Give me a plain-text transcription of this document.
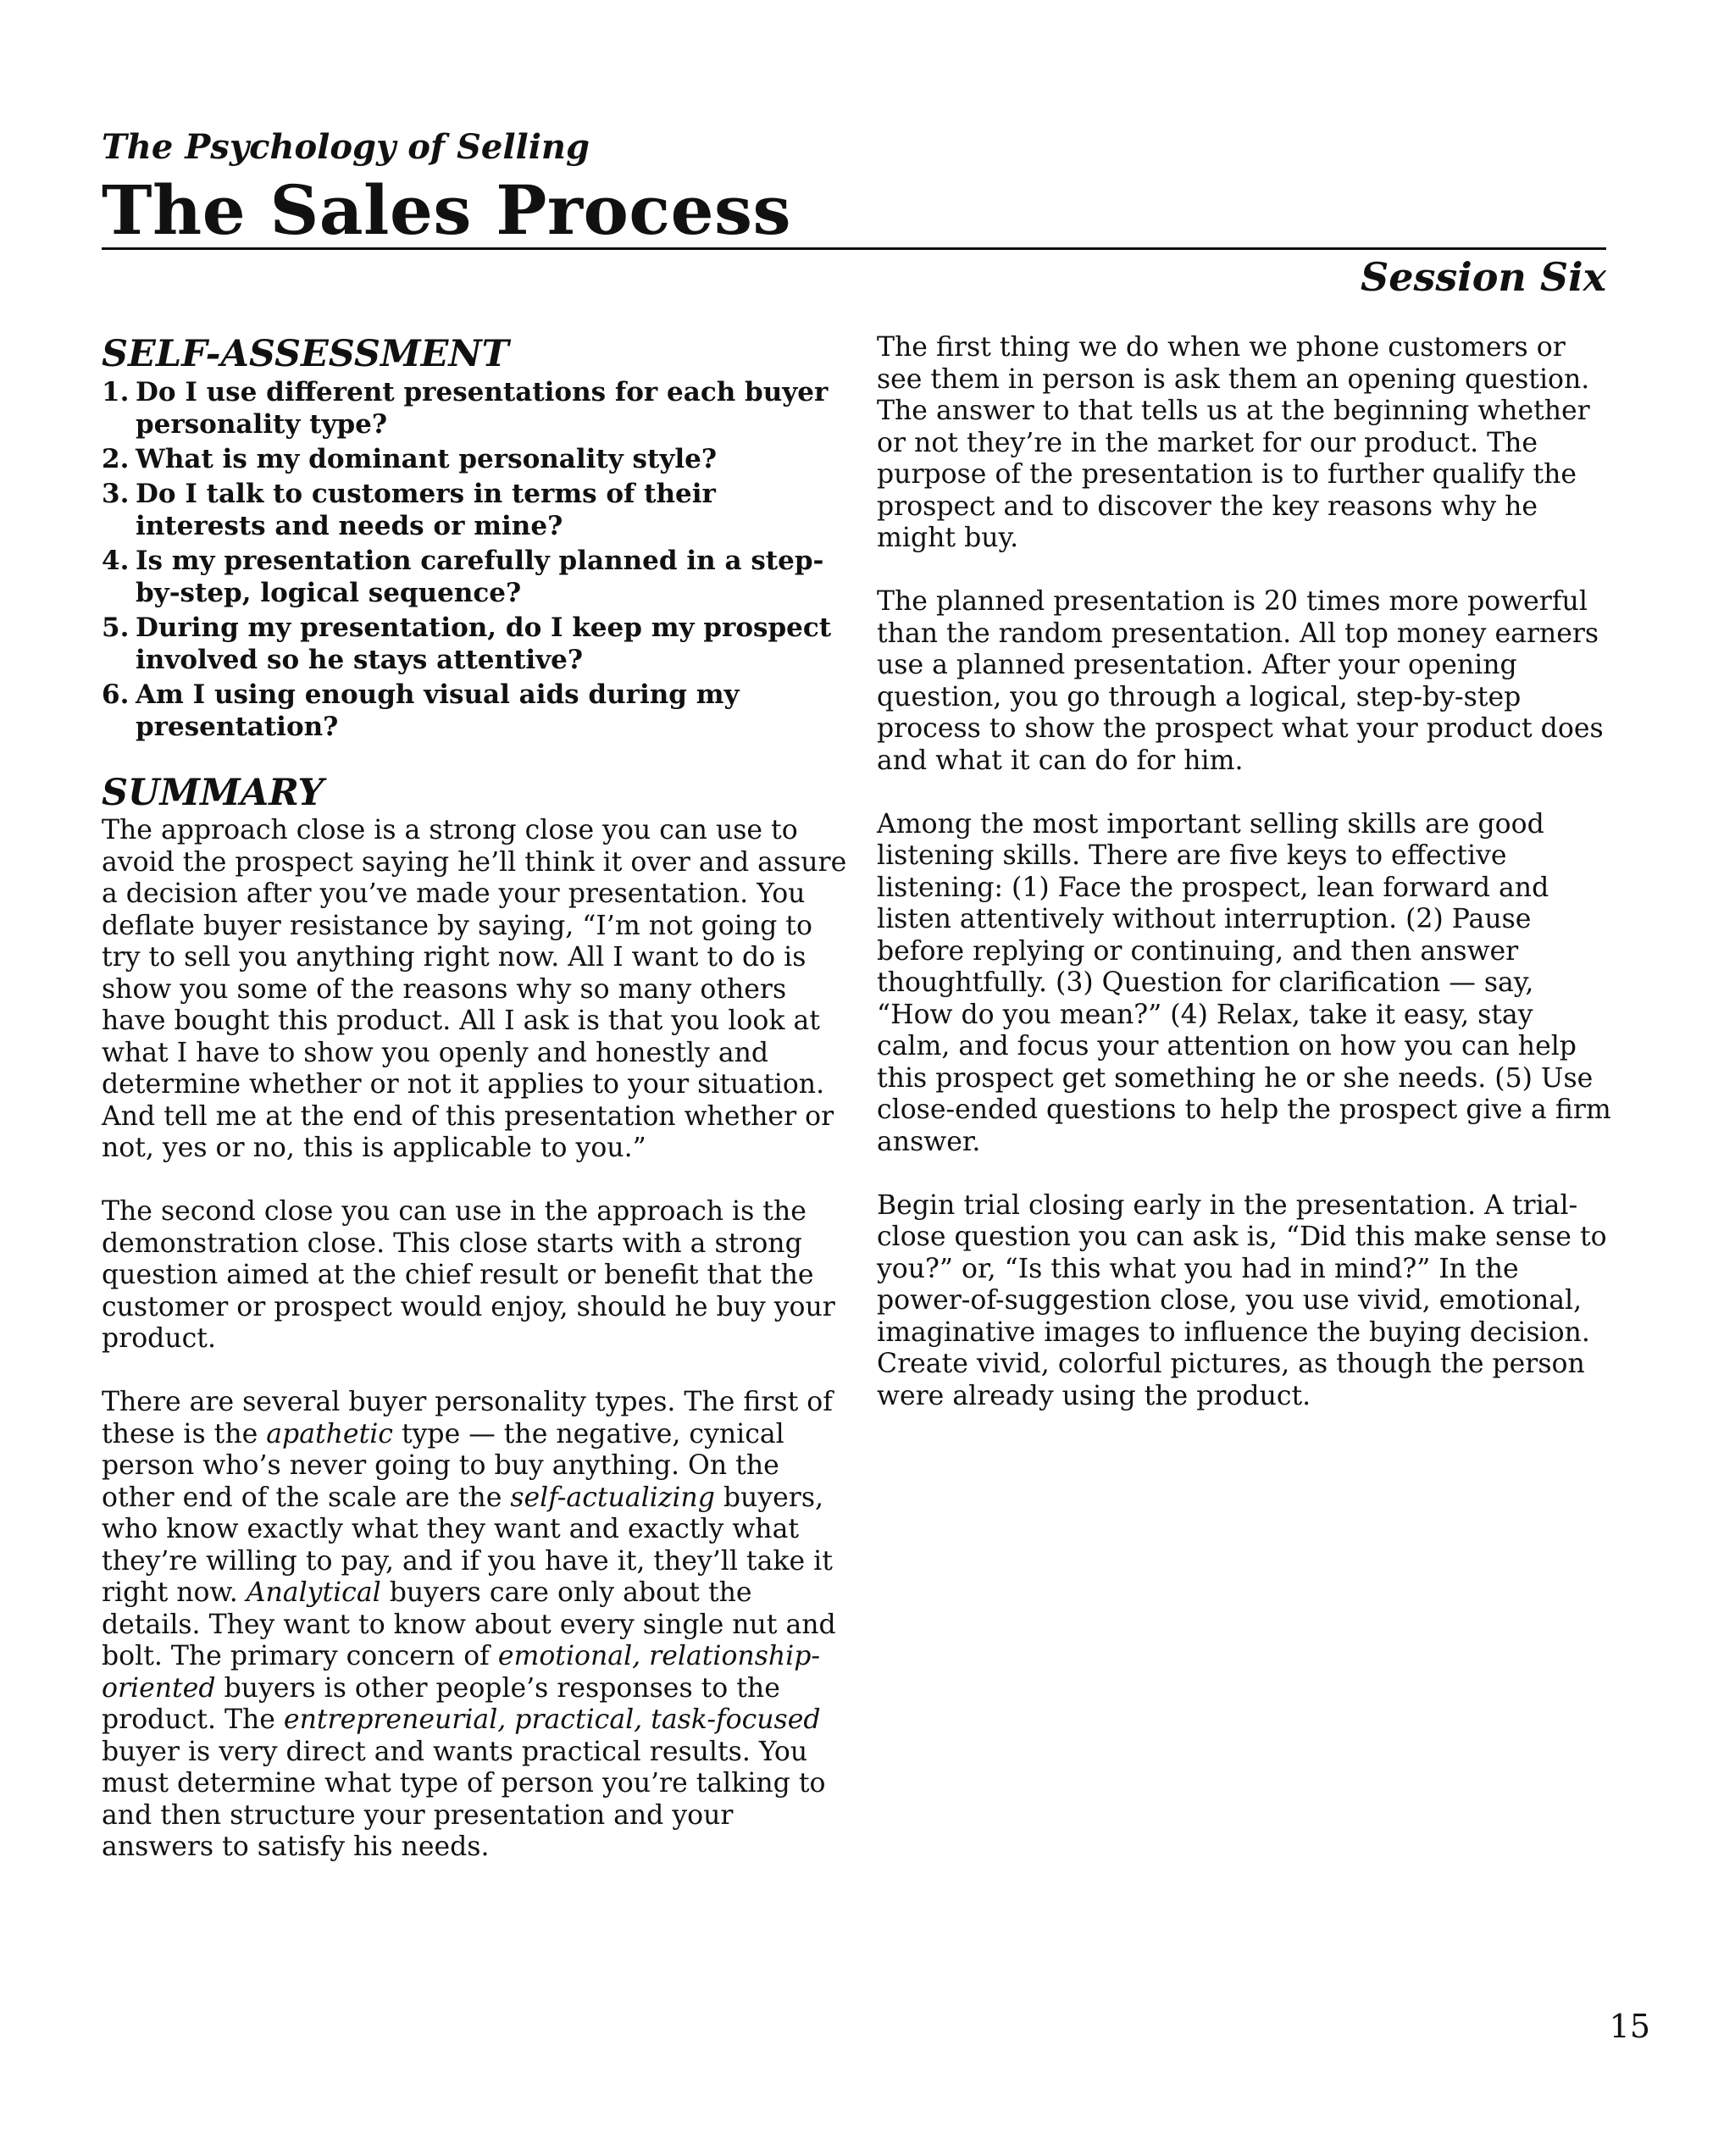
The Psychology of Selling

The Sales Process

Session Six

SELF-ASSESSMENT
1. Do I use different presentations for each buyer personality type?
2. What is my dominant personality style?
3. Do I talk to customers in terms of their interests and needs or mine?
4. Is my presentation carefully planned in a step-by-step, logical sequence?
5. During my presentation, do I keep my prospect involved so he stays attentive?
6. Am I using enough visual aids during my presentation?
SUMMARY

The approach close is a strong close you can use to avoid the prospect saying he’ll think it over and assure a decision after you’ve made your presentation. You deflate buyer resistance by saying, “I’m not going to try to sell you anything right now. All I want to do is show you some of the reasons why so many others have bought this product. All I ask is that you look at what I have to show you openly and honestly and determine whether or not it applies to your situation. And tell me at the end of this presentation whether or not, yes or no, this is applicable to you.”

The second close you can use in the approach is the demonstration close. This close starts with a strong question aimed at the chief result or benefit that the customer or prospect would enjoy, should he buy your product.

There are several buyer personality types. The first of these is the apathetic type — the negative, cynical person who’s never going to buy anything. On the other end of the scale are the self-actualizing buyers, who know exactly what they want and exactly what they’re willing to pay, and if you have it, they’ll take it right now. Analytical buyers care only about the details. They want to know about every single nut and bolt. The primary concern of emotional, relationship-oriented buyers is other people’s responses to the product. The entrepreneurial, practical, task-focused buyer is very direct and wants practical results. You must determine what type of person you’re talking to and then structure your presentation and your answers to satisfy his needs.

The first thing we do when we phone customers or see them in person is ask them an opening question. The answer to that tells us at the beginning whether or not they’re in the market for our product. The purpose of the presentation is to further qualify the prospect and to discover the key reasons why he might buy.

The planned presentation is 20 times more powerful than the random presentation. All top money earners use a planned presentation. After your opening question, you go through a logical, step-by-step process to show the prospect what your product does and what it can do for him.

Among the most important selling skills are good listening skills. There are five keys to effective listening: (1) Face the prospect, lean forward and listen attentively without interruption. (2) Pause before replying or continuing, and then answer thoughtfully. (3) Question for clarification — say, “How do you mean?” (4) Relax, take it easy, stay calm, and focus your attention on how you can help this prospect get something he or she needs. (5) Use close-ended questions to help the prospect give a firm answer.

Begin trial closing early in the presentation. A trial-close question you can ask is, “Did this make sense to you?” or, “Is this what you had in mind?” In the power-of-suggestion close, you use vivid, emotional, imaginative images to influence the buying decision. Create vivid, colorful pictures, as though the person were already using the product.

15
